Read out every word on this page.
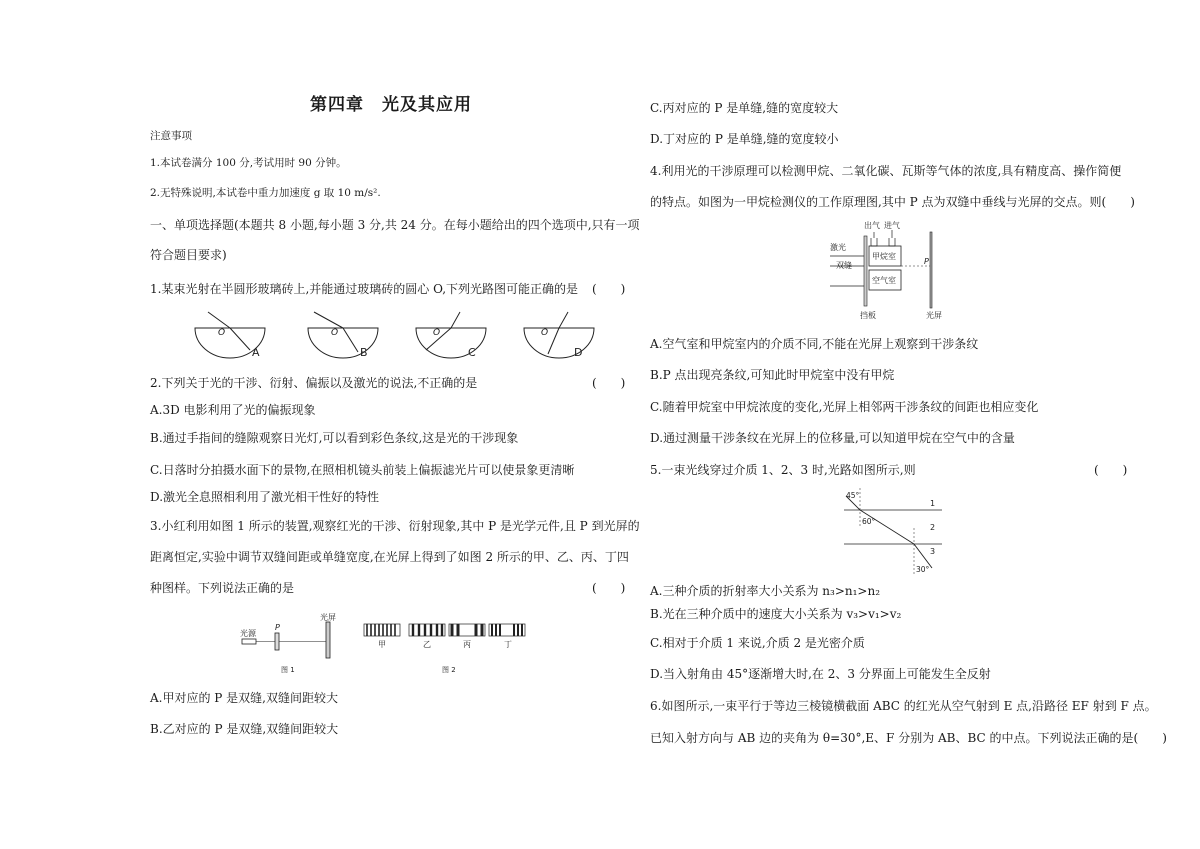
第四章　光及其应用
注意事项
1.本试卷满分 100 分,考试用时 90 分钟。
2.无特殊说明,本试卷中重力加速度 g 取 10 m/s².
一、单项选择题(本题共 8 小题,每小题 3 分,共 24 分。在每小题给出的四个选项中,只有一项
符合题目要求)
1.某束光射在半圆形玻璃砖上,并能通过玻璃砖的圆心 O,下列光路图可能正确的是 (　　)
O
A
O
B
O
C
O
D
2.下列关于光的干涉、衍射、偏振以及激光的说法,不正确的是	(　　)
A.3D 电影利用了光的偏振现象
B.通过手指间的缝隙观察日光灯,可以看到彩色条纹,这是光的干涉现象
C.日落时分拍摄水面下的景物,在照相机镜头前装上偏振滤光片可以使景象更清晰
D.激光全息照相利用了激光相干性好的特性
3.小红利用如图 1 所示的装置,观察红光的干涉、衍射现象,其中 P 是光学元件,且 P 到光屏的
距离恒定,实验中调节双缝间距或单缝宽度,在光屏上得到了如图 2 所示的甲、乙、丙、丁四
种图样。下列说法正确的是	(　　)
光源
P
光屏
图 1
甲	乙	丙	丁
图 2
A.甲对应的 P 是双缝,双缝间距较大
B.乙对应的 P 是双缝,双缝间距较大
C.丙对应的 P 是单缝,缝的宽度较大
D.丁对应的 P 是单缝,缝的宽度较小
4.利用光的干涉原理可以检测甲烷、二氧化碳、瓦斯等气体的浓度,具有精度高、操作简便
的特点。如图为一甲烷检测仪的工作原理图,其中 P 点为双缝中垂线与光屏的交点。则(　　)
出气 进气
甲烷室
空气室
激光
双缝	P
挡板	光屏
A.空气室和甲烷室内的介质不同,不能在光屏上观察到干涉条纹
B.P 点出现亮条纹,可知此时甲烷室中没有甲烷
C.随着甲烷室中甲烷浓度的变化,光屏上相邻两干涉条纹的间距也相应变化
D.通过测量干涉条纹在光屏上的位移量,可以知道甲烷在空气中的含量
5.一束光线穿过介质 1、2、3 时,光路如图所示,则	(　　)
45°
60°
30°
1
2
3
A.三种介质的折射率大小关系为 n₃>n₁>n₂
B.光在三种介质中的速度大小关系为 v₃>v₁>v₂
C.相对于介质 1 来说,介质 2 是光密介质
D.当入射角由 45°逐渐增大时,在 2、3 分界面上可能发生全反射
6.如图所示,一束平行于等边三棱镜横截面 ABC 的红光从空气射到 E 点,沿路径 EF 射到 F 点。
已知入射方向与 AB 边的夹角为 θ=30°,E、F 分别为 AB、BC 的中点。下列说法正确的是(　　)
